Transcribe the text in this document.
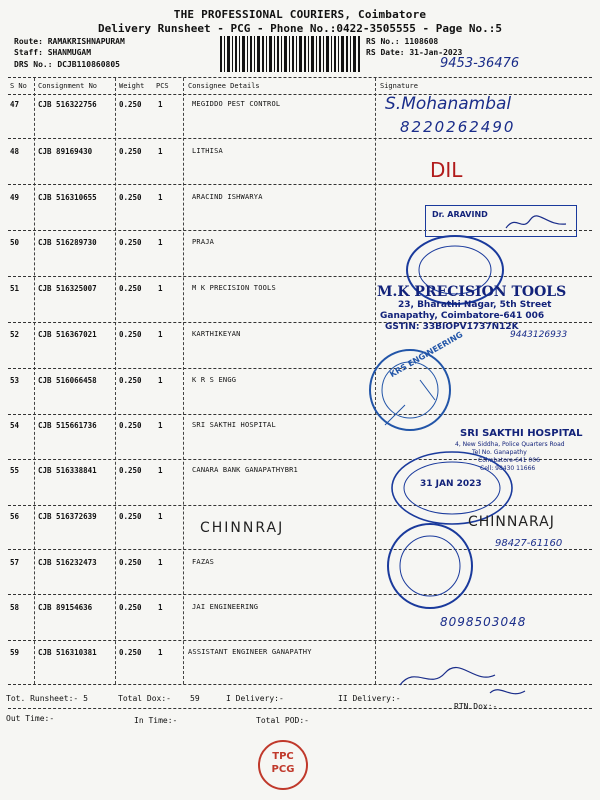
THE PROFESSIONAL COURIERS, Coimbatore
Delivery Runsheet - PCG - Phone No.:0422-3505555 - Page No.:5
Route: RAMAKRISHNAPURAM
Staff: SHANMUGAM
DRS No.: DCJB110860805
RS No.: 1108608
RS Date: 31-Jan-2023
9453-36476
S No Consignment No	Weight PCS	Consignee Details	Signature
47	CJB 516322756	0.250 1	MEGIDDO PEST CONTROL
48	CJB 89169430	0.250 1	LITHISA
49	CJB 516310655	0.250 1	ARACIND ISHWARYA
50	CJB 516289730	0.250 1	PRAJA
51	CJB 516325007	0.250 1	M K PRECISION TOOLS
52	CJB 516367021	0.250 1	KARTHIKEYAN
53	CJB 516066458	0.250 1	K R S ENGG
54	CJB 515661736	0.250 1	SRI SAKTHI HOSPITAL
55	CJB 516338841	0.250 1	CANARA BANK GANAPATHYBR1
56	CJB 516372639	0.250 1
CHINNRAJ
57	CJB 516232473	0.250 1	FAZAS
58	CJB 89154636	0.250 1	JAI ENGINEERING
59	CJB 516310381	0.250 1	ASSISTANT ENGINEER GANAPATHY
S.Mohanambal
8220262490
DIL
Dr. ARAVIND
M.K PRECISION TOOLS
23, Bharathi Nagar, 5th Street
Ganapathy, Coimbatore-641 006
GSTIN: 33BIOPV1737N12K
9443126933
KRS ENGINEERING
SRI SAKTHI HOSPITAL
4, New Siddha, Police Quarters Road
Tel No. Ganapathy
Coimbatore-641 006
Cell: 98430 11666
31 JAN 2023
CHINNARAJ
98427-61160
8098503048
Tot. Runsheet:- 5	Total Dox:- 59	I Delivery:-	II Delivery:-
RTN Dox:-
Out Time:-	In Time:-	Total POD:-
TPC
PCG
